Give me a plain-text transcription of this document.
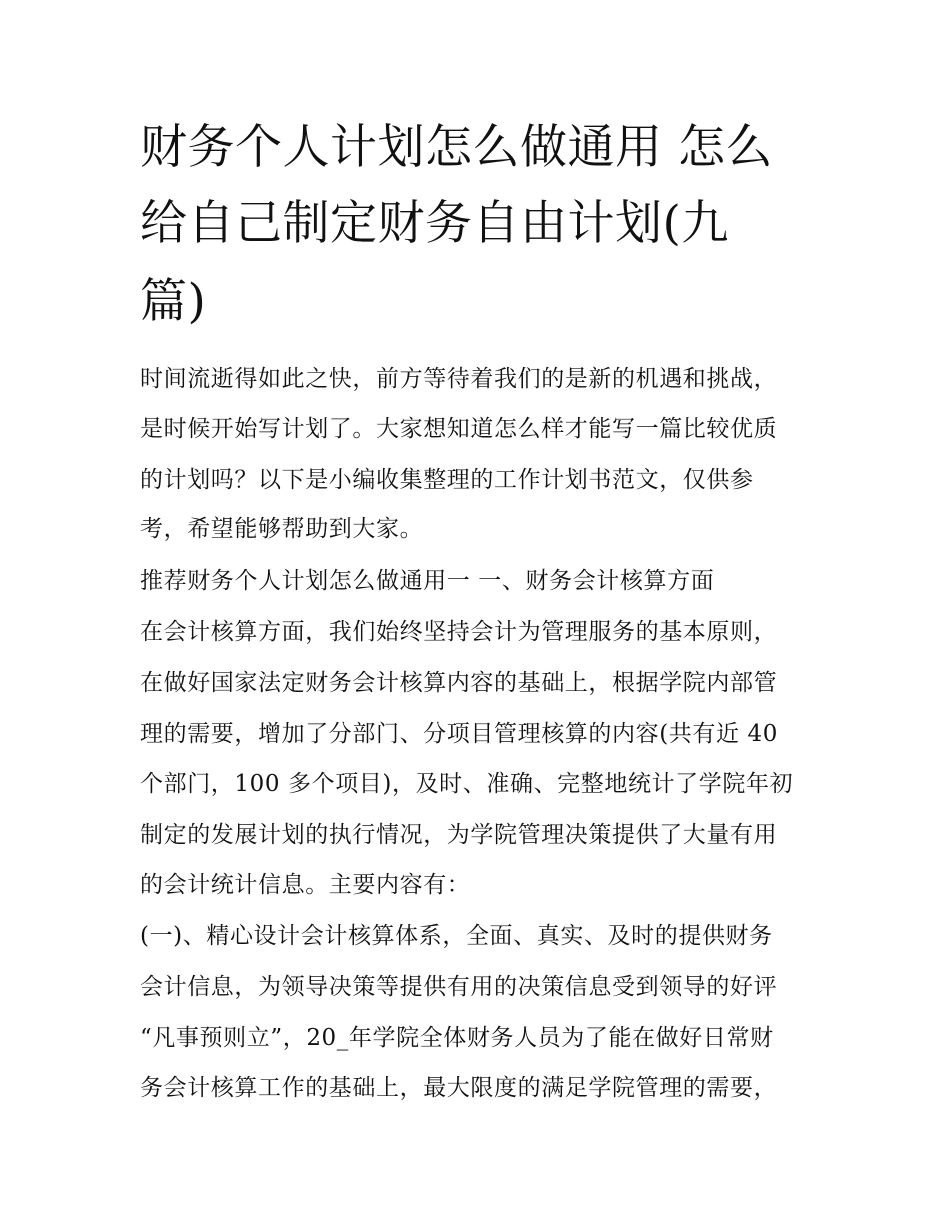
财务个人计划怎么做通用 怎么
给自己制定财务自由计划(九
篇)

时间流逝得如此之快，前方等待着我们的是新的机遇和挑战，

是时候开始写计划了。大家想知道怎么样才能写一篇比较优质

的计划吗？以下是小编收集整理的工作计划书范文，仅供参

考，希望能够帮助到大家。

推荐财务个人计划怎么做通用一 一、财务会计核算方面

在会计核算方面，我们始终坚持会计为管理服务的基本原则，

在做好国家法定财务会计核算内容的基础上，根据学院内部管

理的需要，增加了分部门、分项目管理核算的内容(共有近 40

个部门，100 多个项目)，及时、准确、完整地统计了学院年初

制定的发展计划的执行情况，为学院管理决策提供了大量有用

的会计统计信息。主要内容有：

(一)、精心设计会计核算体系，全面、真实、及时的提供财务

会计信息，为领导决策等提供有用的决策信息受到领导的好评

“凡事预则立”，20_年学院全体财务人员为了能在做好日常财

务会计核算工作的基础上，最大限度的满足学院管理的需要，
